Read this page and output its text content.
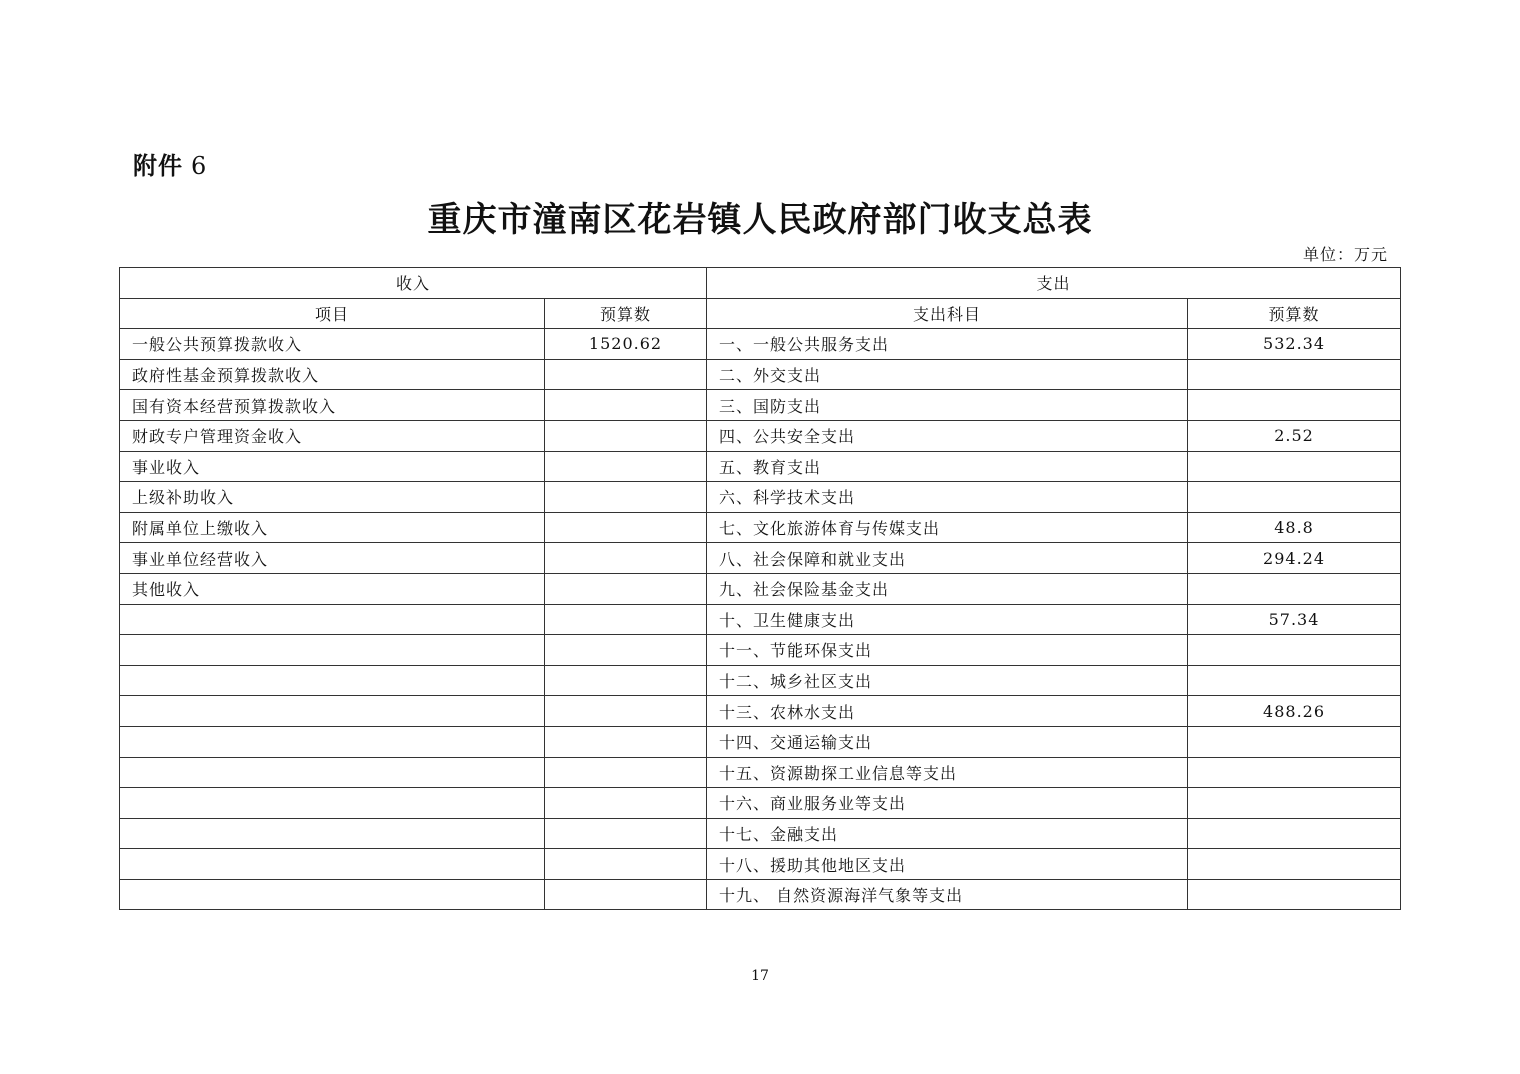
附件 6
重庆市潼南区花岩镇人民政府部门收支总表
单位：万元
收入		支出	
项目	预算数	支出科目	预算数
一般公共预算拨款收入	1520.62	一、一般公共服务支出	532.34
政府性基金预算拨款收入		二、外交支出	
国有资本经营预算拨款收入		三、国防支出	
财政专户管理资金收入		四、公共安全支出	2.52
事业收入		五、教育支出	
上级补助收入		六、科学技术支出	
附属单位上缴收入		七、文化旅游体育与传媒支出	48.8
事业单位经营收入		八、社会保障和就业支出	294.24
其他收入		九、社会保险基金支出	
		十、卫生健康支出	57.34
		十一、节能环保支出	
		十二、城乡社区支出	
		十三、农林水支出	488.26
		十四、交通运输支出	
		十五、资源勘探工业信息等支出	
		十六、商业服务业等支出	
		十七、金融支出	
		十八、援助其他地区支出	
		十九、 自然资源海洋气象等支出	
17
